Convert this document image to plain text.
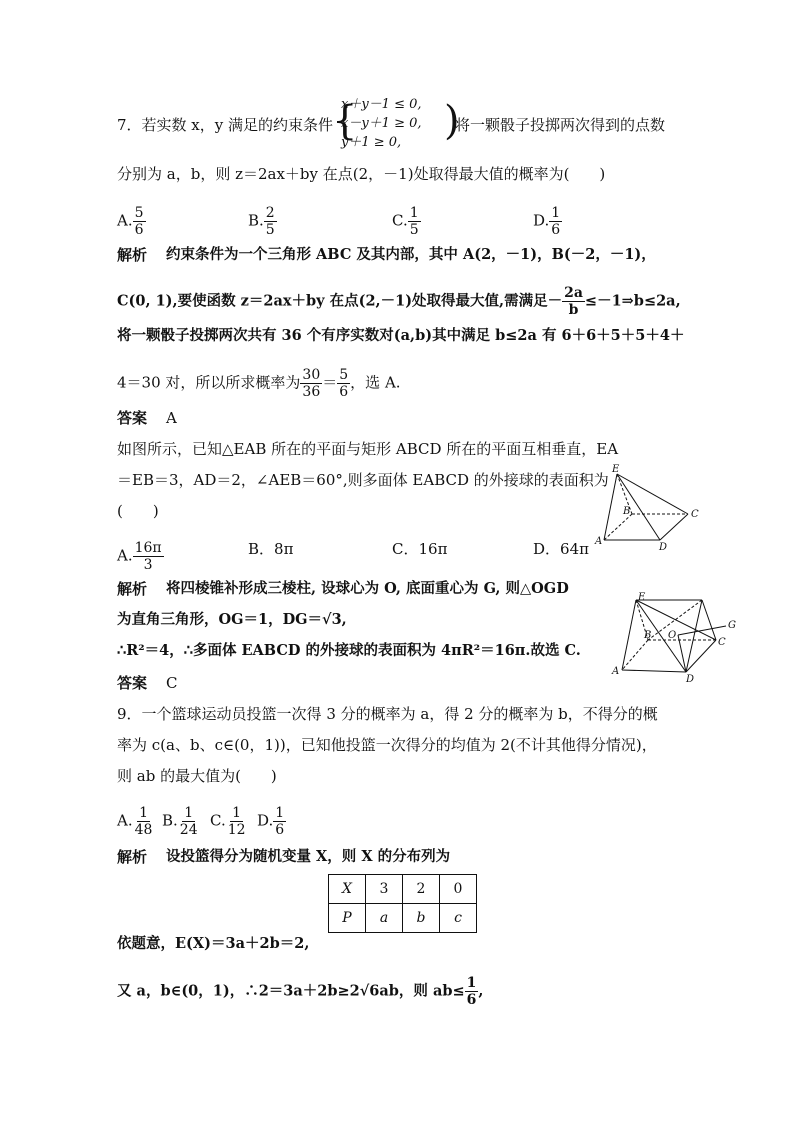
7．若实数 x，y 满足的约束条件
{
x＋y－1 ≤ 0,
x－y＋1 ≥ 0,
y＋1 ≥ 0, )
将一颗骰子投掷两次得到的点数
分别为 a，b，则 z＝2ax＋by 在点(2，－1)处取得最大值的概率为(　　)
A. $\frac{5}{6}$	B. $\frac{2}{5}$	C. $\frac{1}{5}$	D. $\frac{1}{6}$
解析 约束条件为一个三角形 ABC 及其内部，其中 A(2，－1)，B(－2，－1)，
C(0, 1),要使函数 z＝2ax＋by 在点(2,－1)处取得最大值,需满足－ $\frac{2a}{b}$ ≤－1⇒b≤2a,
将一颗骰子投掷两次共有 36 个有序实数对(a,b)其中满足 b≤2a 有 6＋6＋5＋5＋4＋
4＝30 对，所以所求概率为 $\frac{30}{36} = \frac{5}{6}$ ，选 A.
答案 A
如图所示，已知△EAB 所在的平面与矩形 ABCD 所在的平面互相垂直，EA
＝EB＝3，AD＝2，∠AEB＝60°,则多面体 EABCD 的外接球的表面积为
(　　)
E
B	C
A
D
A. $\frac{16\pi}{3}$	B．8π	C．16π	D．64π
解析 将四棱锥补形成三棱柱, 设球心为 O, 底面重心为 G, 则△OGD
为直角三角形，OG＝1，DG＝√3,
∴R²＝4，∴多面体 EABCD 的外接球的表面积为 4πR²＝16π.故选 C.
E
B O
G
C
A
D
答案 C
9．一个篮球运动员投篮一次得 3 分的概率为 a，得 2 分的概率为 b，不得分的概
率为 c(a、b、c∈(0，1))，已知他投篮一次得分的均值为 2(不计其他得分情况)，
则 ab 的最大值为(　　)
A. $\frac{1}{48} B$. $\frac{1}{24} C$. $\frac{1}{12} D$. $\frac{1}{6}$
解析 设投篮得分为随机变量 X，则 X 的分布列为
X	3	2	0
P	a	b	c
依题意，E(X)＝3a＋2b＝2,
又 a，b∈(0，1)，∴2＝3a＋2b≥2√6ab，则 $ab\le \frac{1}{6}$ ,
